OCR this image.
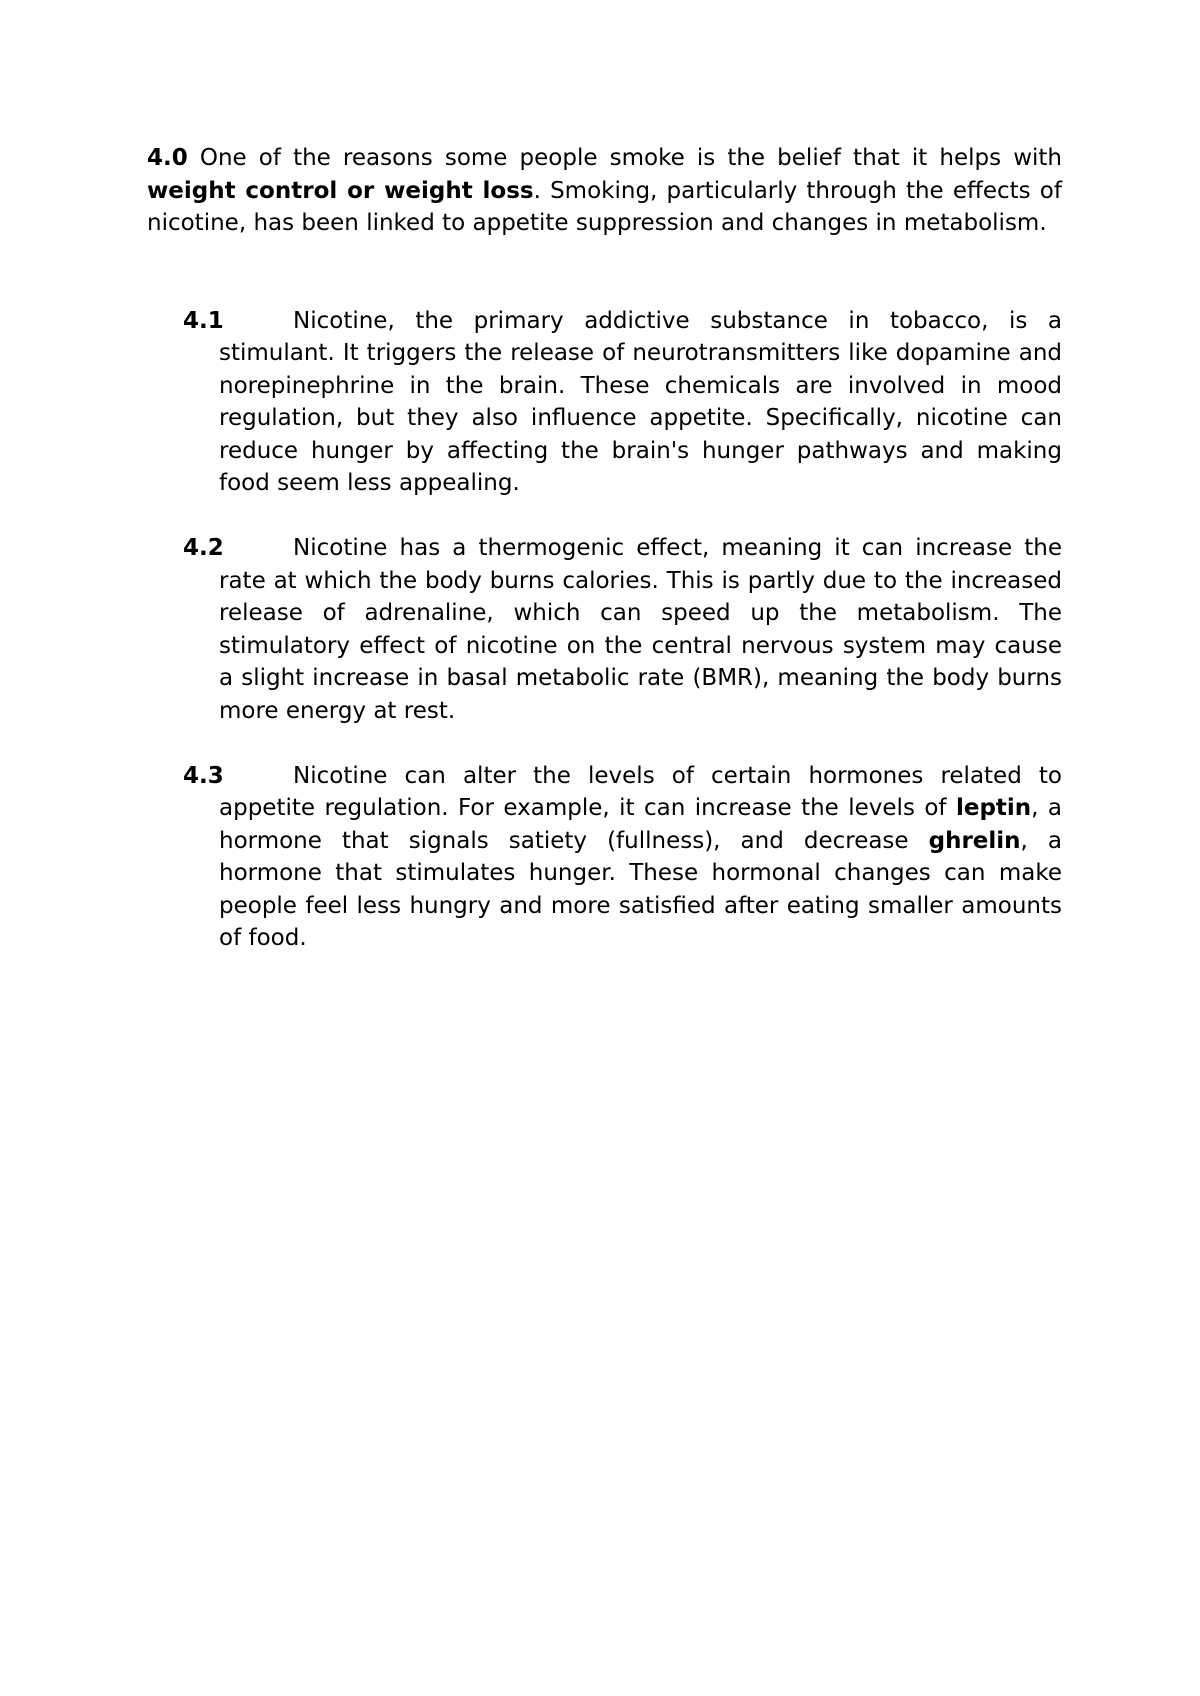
4.0 One of the reasons some people smoke is the belief that it helps with weight control or weight loss. Smoking, particularly through the effects of nicotine, has been linked to appetite suppression and changes in metabolism.

4.1	Nicotine, the primary addictive substance in tobacco, is a stimulant. It triggers the release of neurotransmitters like dopamine and norepinephrine in the brain. These chemicals are involved in mood regulation, but they also influence appetite. Specifically, nicotine can reduce hunger by affecting the brain's hunger pathways and making food seem less appealing.

4.2	Nicotine has a thermogenic effect, meaning it can increase the rate at which the body burns calories. This is partly due to the increased release of adrenaline, which can speed up the metabolism. The stimulatory effect of nicotine on the central nervous system may cause a slight increase in basal metabolic rate (BMR), meaning the body burns more energy at rest.

4.3	Nicotine can alter the levels of certain hormones related to appetite regulation. For example, it can increase the levels of leptin, a hormone that signals satiety (fullness), and decrease ghrelin, a hormone that stimulates hunger. These hormonal changes can make people feel less hungry and more satisfied after eating smaller amounts of food.
